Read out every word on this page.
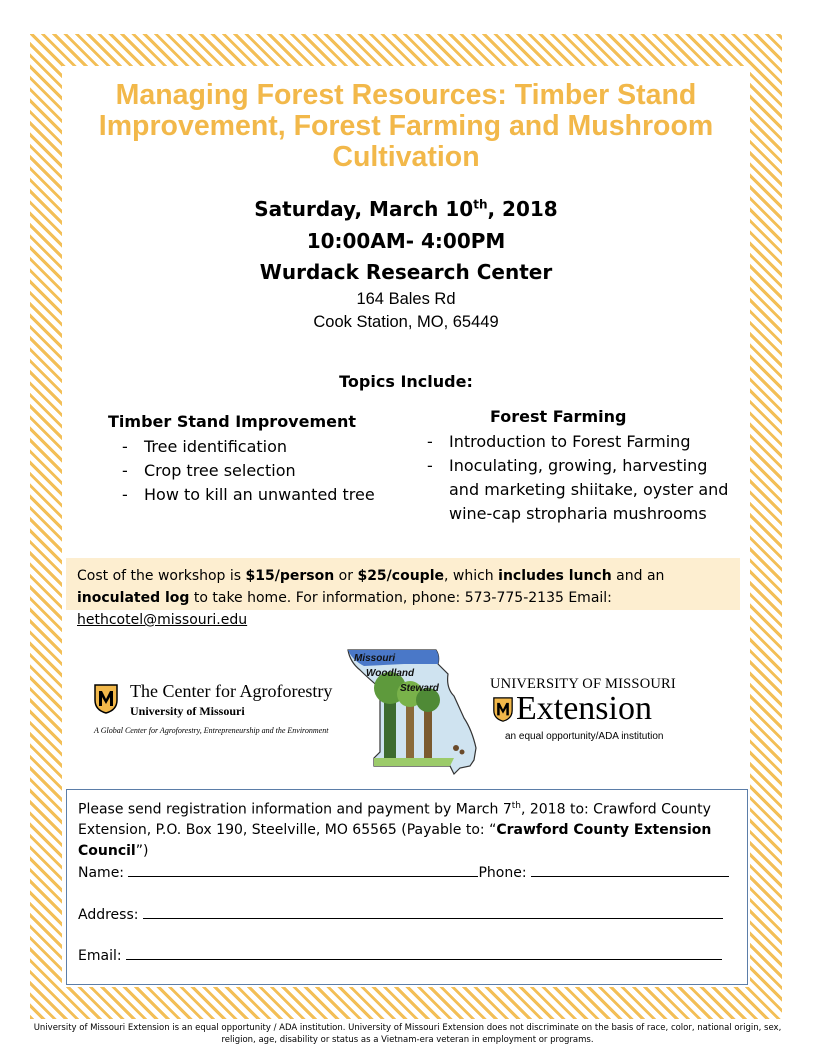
Managing Forest Resources: Timber Stand Improvement, Forest Farming and Mushroom Cultivation

Saturday, March 10th, 2018

10:00AM- 4:00PM

Wurdack Research Center

164 Bales Rd
Cook Station, MO, 65449
Topics Include:
Timber Stand Improvement
- Tree identification
- Crop tree selection
- How to kill an unwanted tree
Forest Farming
- Introduction to Forest Farming
- Inoculating, growing, harvesting and marketing shiitake, oyster and wine-cap stropharia mushrooms
Cost of the workshop is $15/person or $25/couple, which includes lunch and an inoculated log to take home. For information, phone: 573-775-2135 Email: hethcotel@missouri.edu
The Center for Agroforestry
University of Missouri
A Global Center for Agroforestry, Entrepreneurship and the Environment
Missouri
Woodland
Steward	UNIVERSITY OF MISSOURI
Extension
an equal opportunity/ADA institution

Please send registration information and payment by March 7th, 2018 to: Crawford County Extension, P.O. Box 190, Steelville, MO 65565 (Payable to: “Crawford County Extension Council”)

Name:	Phone:
Address:
Email:
University of Missouri Extension is an equal opportunity / ADA institution. University of Missouri Extension does not discriminate on the basis of race, color, national origin, sex, religion, age, disability or status as a Vietnam-era veteran in employment or programs.
